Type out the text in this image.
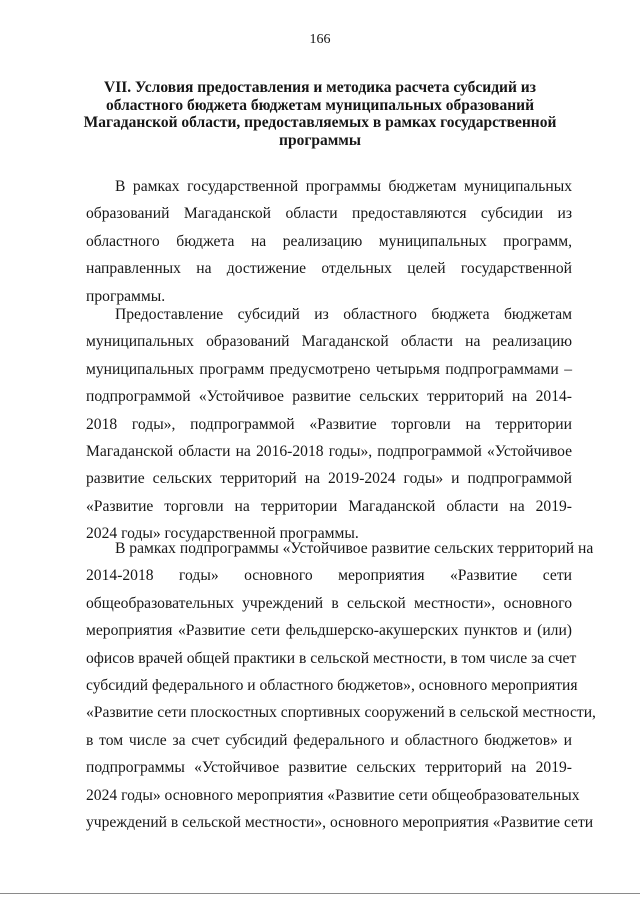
166
VII. Условия предоставления и методика расчета субсидий из
областного бюджета бюджетам муниципальных образований
Магаданской области, предоставляемых в рамках государственной
программы
В рамках государственной программы бюджетам муниципальных
образований Магаданской области предоставляются субсидии из
областного бюджета на реализацию муниципальных программ,
направленных на достижение отдельных целей государственной
программы.
Предоставление субсидий из областного бюджета бюджетам
муниципальных образований Магаданской области на реализацию
муниципальных программ предусмотрено четырьмя подпрограммами –
подпрограммой «Устойчивое развитие сельских территорий на 2014-
2018 годы», подпрограммой «Развитие торговли на территории
Магаданской области на 2016-2018 годы», подпрограммой «Устойчивое
развитие сельских территорий на 2019-2024 годы» и подпрограммой
«Развитие торговли на территории Магаданской области на 2019-
2024 годы» государственной программы.
В рамках подпрограммы «Устойчивое развитие сельских территорий на
2014-2018 годы» основного мероприятия «Развитие сети
общеобразовательных учреждений в сельской местности», основного
мероприятия «Развитие сети фельдшерско-акушерских пунктов и (или)
офисов врачей общей практики в сельской местности, в том числе за счет
субсидий федерального и областного бюджетов», основного мероприятия
«Развитие сети плоскостных спортивных сооружений в сельской местности,
в том числе за счет субсидий федерального и областного бюджетов» и
подпрограммы «Устойчивое развитие сельских территорий на 2019-
2024 годы» основного мероприятия «Развитие сети общеобразовательных
учреждений в сельской местности», основного мероприятия «Развитие сети
